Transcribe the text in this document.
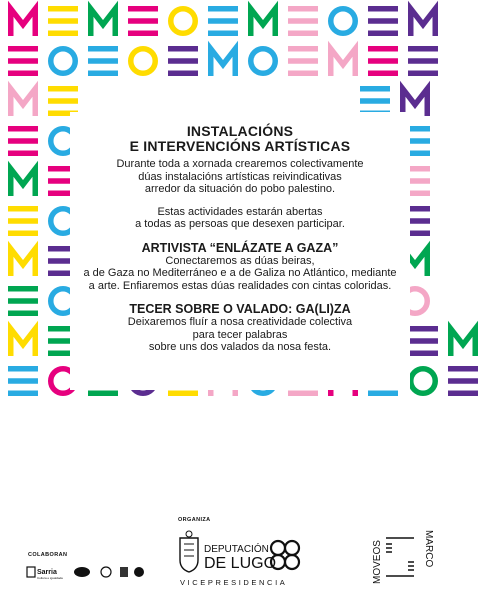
INSTALACIÓNS
E INTERVENCIÓNS ARTÍSTICAS
Durante toda a xornada crearemos colectivamente
dúas instalacións artísticas reivindicativas
arredor da situación do pobo palestino.
Estas actividades estarán abertas
a todas as persoas que desexen participar.
ARTIVISTA “ENLÁZATE A GAZA”
Conectaremos as dúas beiras,
a de Gaza no Mediterráneo e a de Galiza no Atlántico, mediante
a arte. Enfiaremos estas dúas realidades con cintas coloridas.
TECER SOBRE O VALADO: GA(LI)ZA
Deixaremos fluír a nosa creatividade colectiva
para tecer palabras
sobre uns dos valados da nosa festa.
COLABORAN
Sarria
Cultura e igualdade
ORGANIZA
DEPUTACIÓN
DE LUGO
VICEPRESIDENCIA	MOVEOS	MARCO
